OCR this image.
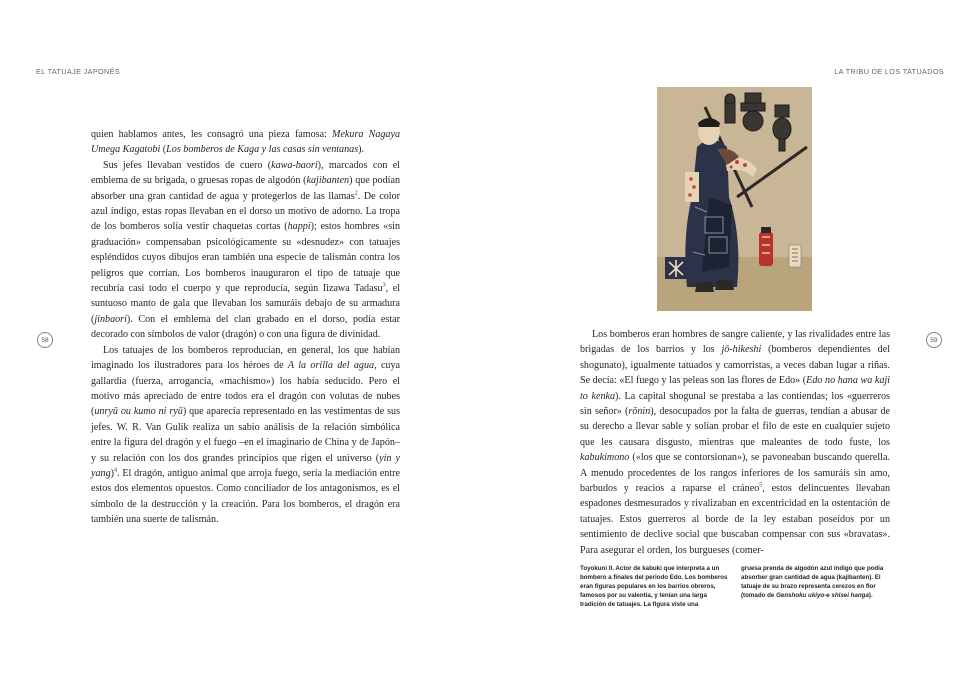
EL TATUAJE JAPONÉS	LA TRIBU DE LOS TATUADOS
58	59

quien hablamos antes, les consagró una pieza famosa: Mekura Nagaya Umega Kagatobi (Los bomberos de Kaga y las casas sin ventanas).

Sus jefes llevaban vestidos de cuero (kawa-baori), marcados con el emblema de su brigada, o gruesas ropas de algodón (kajibanten) que podían absorber una gran cantidad de agua y protegerlos de las llamas$^2$. De color azul índigo, estas ropas llevaban en el dorso un motivo de adorno. La tropa de los bomberos solía vestir chaquetas cortas (happi); estos hombres «sin graduación» compensaban psicológicamente su «desnudez» con tatuajes espléndidos cuyos dibujos eran también una especie de talismán contra los peligros que corrían. Los bomberos inauguraron el tipo de tatuaje que recubría casi todo el cuerpo y que reproducía, según Iizawa Tadasu$^3$, el suntuoso manto de gala que llevaban los samuráis debajo de su armadura (jinbaori). Con el emblema del clan grabado en el dorso, podía estar decorado con símbolos de valor (dragón) o con una figura de divinidad.

Los tatuajes de los bomberos reproducían, en general, los que habían imaginado los ilustradores para los héroes de A la orilla del agua, cuya gallardía (fuerza, arrogancia, «machismo») los había seducido. Pero el motivo más apreciado de entre todos era el dragón con volutas de nubes (unryū ou kumo ni ryū) que aparecía representado en las vestimentas de sus jefes. W. R. Van Gulik realiza un sabio análisis de la relación simbólica entre la figura del dragón y el fuego –en el imaginario de China y de Japón– y su relación con los dos grandes principios que rigen el universo (yin y yang)$^4$. El dragón, antiguo animal que arroja fuego, sería la mediación entre estos dos elementos opuestos. Como conciliador de los antagonismos, es el símbolo de la destrucción y la creación. Para los bomberos, el dragón era también una suerte de talismán.

Los bomberos eran hombres de sangre caliente, y las rivalidades entre las brigadas de los barrios y los jō-hikeshi (bomberos dependientes del shogunato), igualmente tatuados y camorristas, a veces daban lugar a riñas. Se decía: «El fuego y las peleas son las flores de Edo» (Edo no hana wa kaji to kenka). La capital shogunal se prestaba a las contiendas; los «guerreros sin señor» (rōnin), desocupados por la falta de guerras, tendían a abusar de su derecho a llevar sable y solían probar el filo de este en cualquier sujeto que les causara disgusto, mientras que maleantes de todo fuste, los kabukimono («los que se contorsionan»), se pavoneaban buscando querella. A menudo procedentes de los rangos inferiores de los samuráis sin amo, barbudos y reacios a raparse el cráneo$^5$, estos delincuentes llevaban espadones desmesurados y rivalizaban en excentricidad en la ostentación de tatuajes. Estos guerreros al borde de la ley estaban poseídos por un sentimiento de declive social que buscaban compensar con sus «bravatas». Para asegurar el orden, los burgueses (comer-

Toyokuni II. Actor de kabuki que interpreta a un bombero a finales del periodo Edo. Los bomberos eran figuras populares en los barrios obreros, famosos por su valentía, y tenían una larga tradición de tatuajes. La figura viste una
gruesa prenda de algodón azul índigo que podía absorber gran cantidad de agua (kajibanten). El tatuaje de su brazo representa cerezos en flor (tomado de Genshoku ukiyo-e shisei hanga).
